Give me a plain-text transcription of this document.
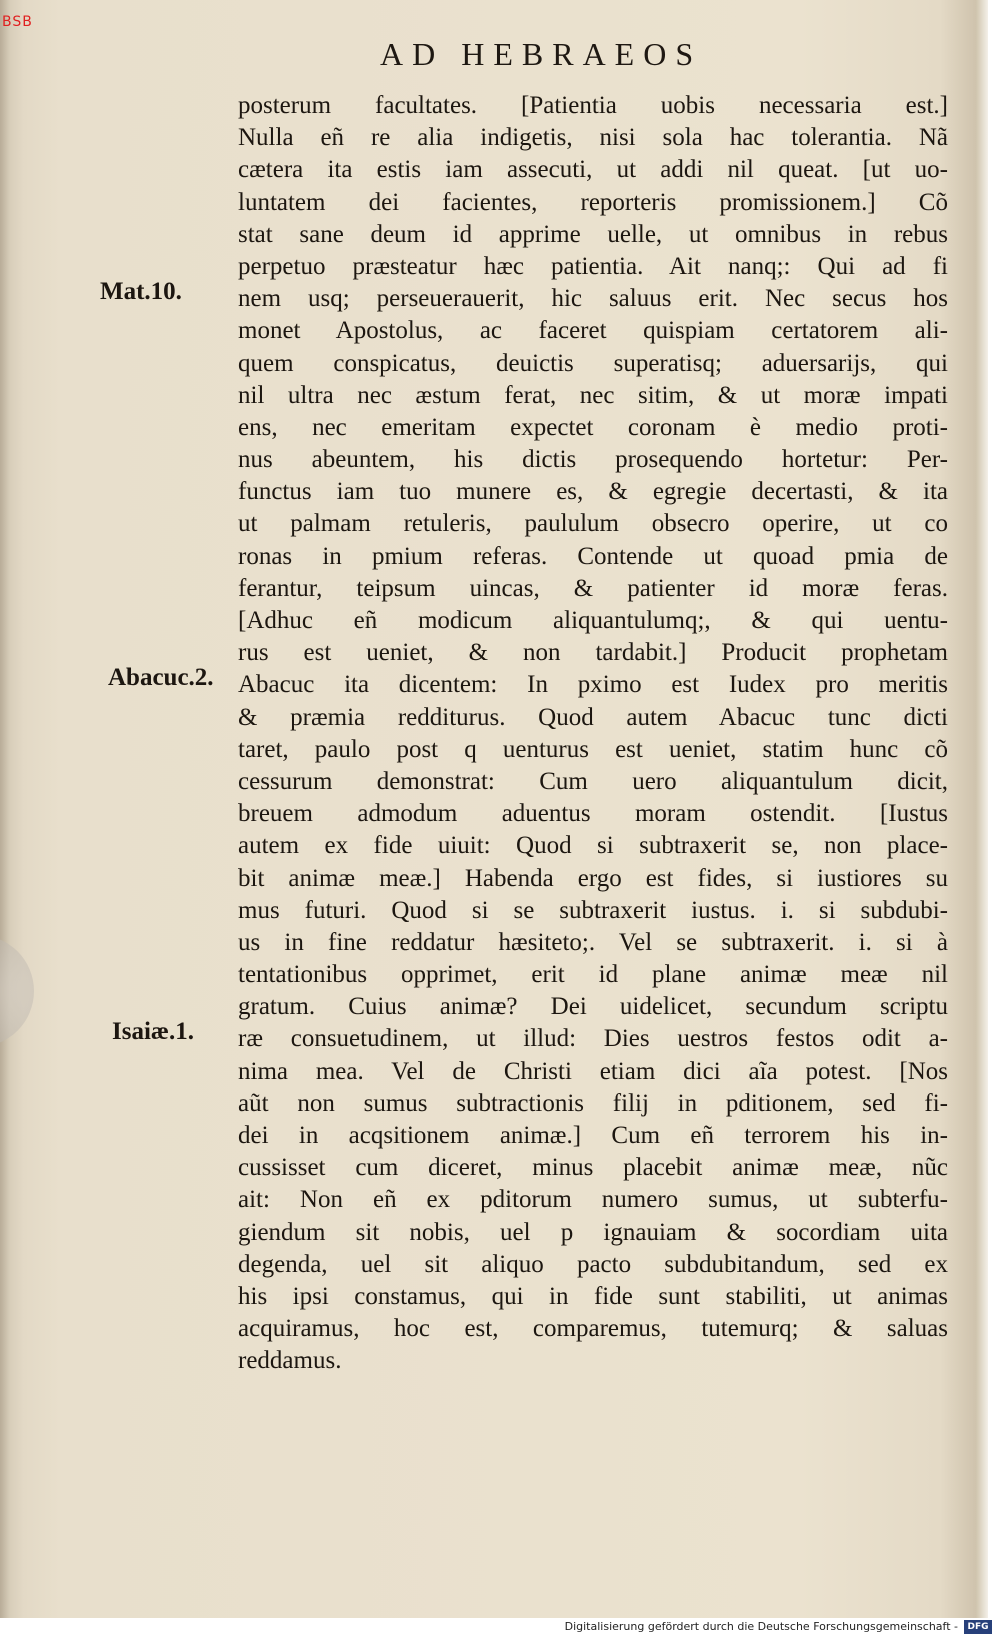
BSB
AD HEBRAEOS
Mat.10.
Abacuc.2.
Isaiæ.1.
posterum facultates. [Patientia uobis necessaria est.]
Nulla eñ re alia indigetis, nisi sola hac tolerantia. Nã
cætera ita estis iam assecuti, ut addi nil queat. [ut uo-
luntatem dei facientes, reporteris promissionem.] Cõ
stat sane deum id apprime uelle, ut omnibus in rebus
perpetuo præsteatur hæc patientia. Ait nanq;: Qui ad fi
nem usq; perseuerauerit, hic saluus erit. Nec secus hos
monet Apostolus, ac faceret quispiam certatorem ali-
quem conspicatus, deuictis superatisq; aduersarijs, qui
nil ultra nec æstum ferat, nec sitim, & ut moræ impati
ens, nec emeritam expectet coronam è medio proti-
nus abeuntem, his dictis prosequendo hortetur: Per-
functus iam tuo munere es, & egregie decertasti, & ita
ut palmam retuleris, paululum obsecro operire, ut co
ronas in pmium referas. Contende ut quoad pmia de
ferantur, teipsum uincas, & patienter id moræ feras.
[Adhuc eñ modicum aliquantulumq;, & qui uentu-
rus est ueniet, & non tardabit.] Producit prophetam
Abacuc ita dicentem: In pximo est Iudex pro meritis
& præmia redditurus. Quod autem Abacuc tunc dicti
taret, paulo post q uenturus est ueniet, statim hunc cõ
cessurum demonstrat: Cum uero aliquantulum dicit,
breuem admodum aduentus moram ostendit. [Iustus
autem ex fide uiuit: Quod si subtraxerit se, non place-
bit animæ meæ.] Habenda ergo est fides, si iustiores su
mus futuri. Quod si se subtraxerit iustus. i. si subdubi-
us in fine reddatur hæsiteto;. Vel se subtraxerit. i. si à
tentationibus opprimet, erit id plane animæ meæ nil
gratum. Cuius animæ? Dei uidelicet, secundum scriptu
ræ consuetudinem, ut illud: Dies uestros festos odit a-
nima mea. Vel de Christi etiam dici aĩa potest. [Nos
aũt non sumus subtractionis filij in pditionem, sed fi-
dei in acqsitionem animæ.] Cum eñ terrorem his in-
cussisset cum diceret, minus placebit animæ meæ, nũc
ait: Non eñ ex pditorum numero sumus, ut subterfu-
giendum sit nobis, uel p ignauiam & socordiam uita
degenda, uel sit aliquo pacto subdubitandum, sed ex
his ipsi constamus, qui in fide sunt stabiliti, ut animas
acquiramus, hoc est, comparemus, tutemurq; & saluas
reddamus.
Digitalisierung gefördert durch die Deutsche Forschungsgemeinschaft -	DFG
